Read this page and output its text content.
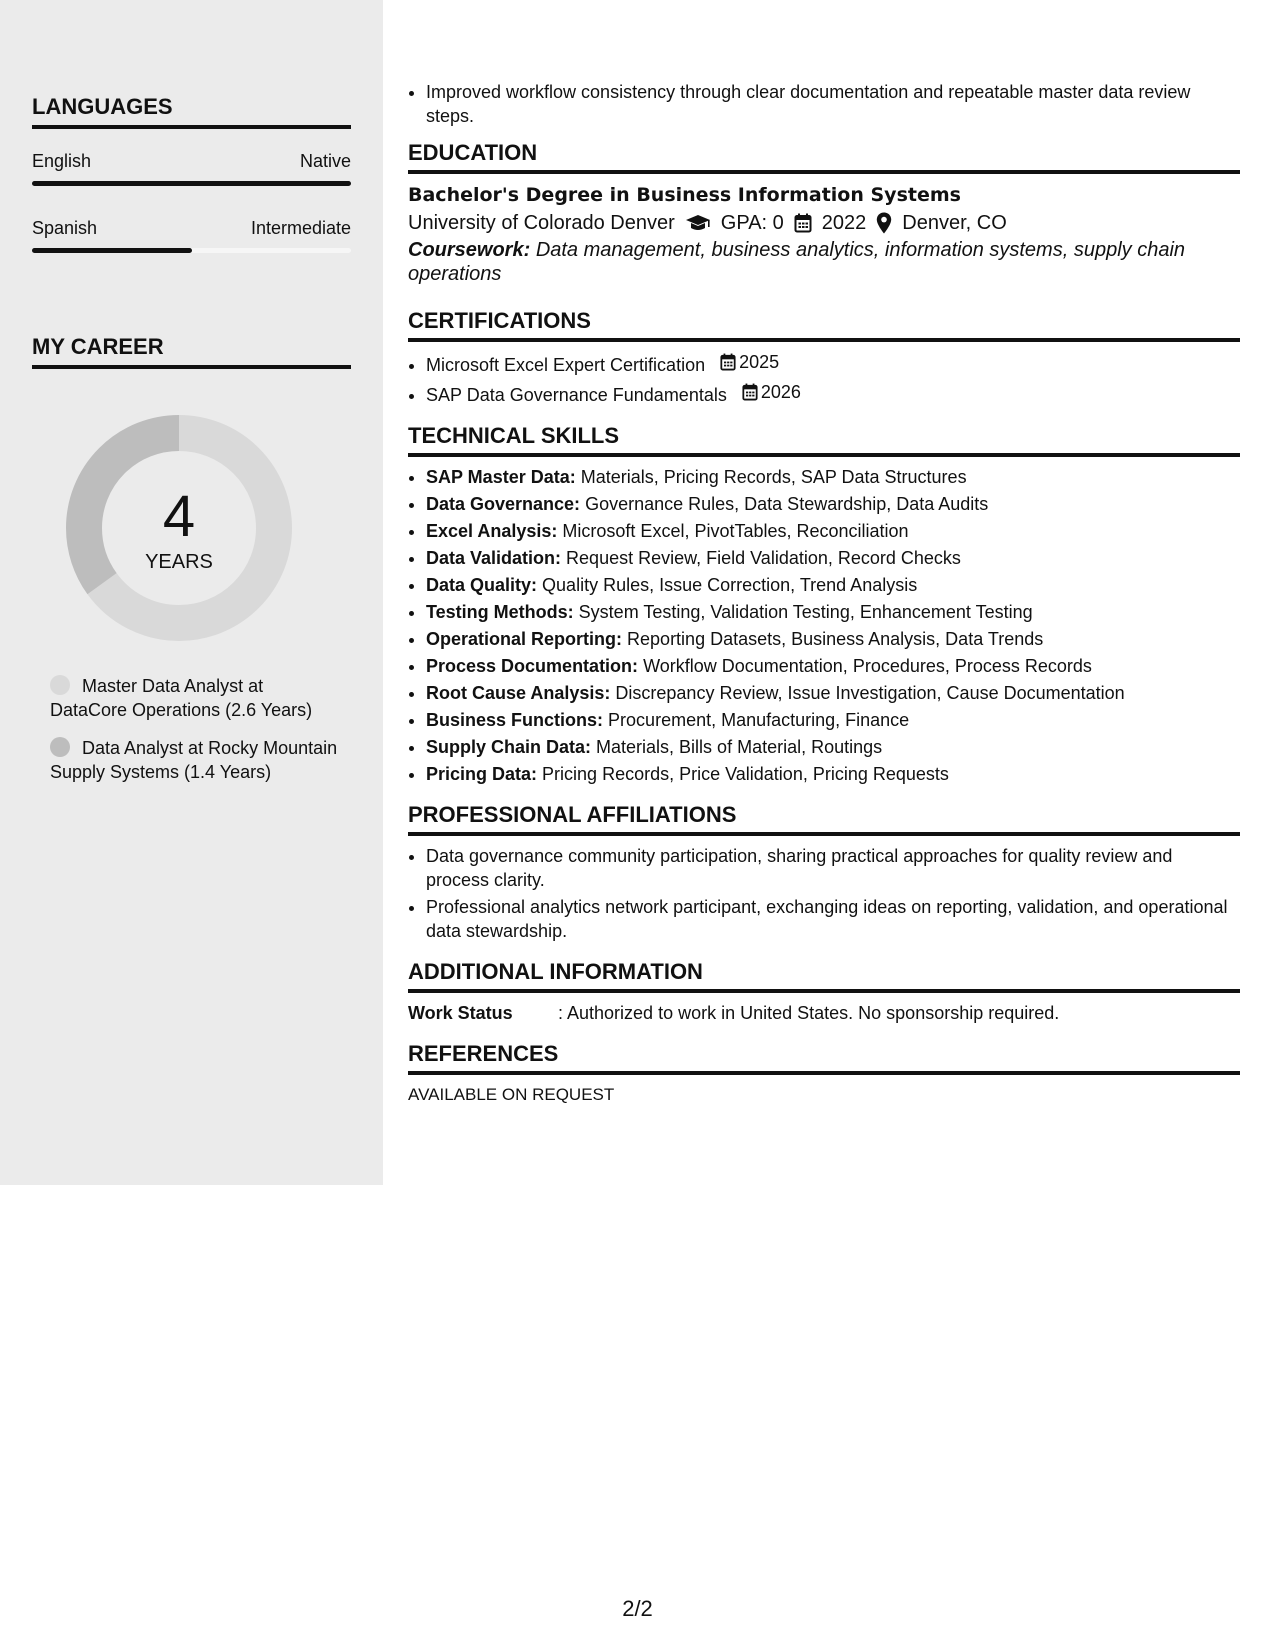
LANGUAGES
English	Native
Spanish	Intermediate
MY CAREER
4
YEARS
Master Data Analyst at DataCore Operations (2.6 Years)
Data Analyst at Rocky Mountain Supply Systems (1.4 Years)
• Improved workflow consistency through clear documentation and repeatable master data review steps.
EDUCATION
Bachelor's Degree in Business Information Systems
University of Colorado Denver GPA: 0 2022 Denver, CO
Coursework: Data management, business analytics, information systems, supply chain operations
CERTIFICATIONS
• Microsoft Excel Expert Certification 2025
• SAP Data Governance Fundamentals 2026
TECHNICAL SKILLS
• SAP Master Data: Materials, Pricing Records, SAP Data Structures
• Data Governance: Governance Rules, Data Stewardship, Data Audits
• Excel Analysis: Microsoft Excel, PivotTables, Reconciliation
• Data Validation: Request Review, Field Validation, Record Checks
• Data Quality: Quality Rules, Issue Correction, Trend Analysis
• Testing Methods: System Testing, Validation Testing, Enhancement Testing
• Operational Reporting: Reporting Datasets, Business Analysis, Data Trends
• Process Documentation: Workflow Documentation, Procedures, Process Records
• Root Cause Analysis: Discrepancy Review, Issue Investigation, Cause Documentation
• Business Functions: Procurement, Manufacturing, Finance
• Supply Chain Data: Materials, Bills of Material, Routings
• Pricing Data: Pricing Records, Price Validation, Pricing Requests
PROFESSIONAL AFFILIATIONS
• Data governance community participation, sharing practical approaches for quality review and process clarity.
• Professional analytics network participant, exchanging ideas on reporting, validation, and operational data stewardship.
ADDITIONAL INFORMATION
Work Status	: Authorized to work in United States. No sponsorship required.
REFERENCES
AVAILABLE ON REQUEST
2/2
